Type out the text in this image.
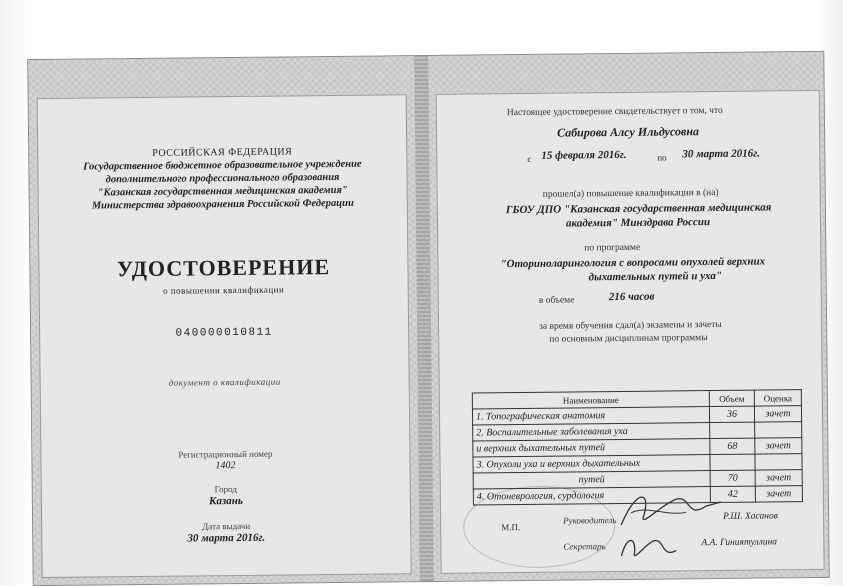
РОССИЙСКАЯ ФЕДЕРАЦИЯ
Государственное бюджетное образовательное учреждение
дополнительного профессионального образования
"Казанская государственная медицинская академия"
Министерства здравоохранения Российской Федерации
УДОСТОВЕРЕНИЕ
о повышении квалификации
040000010811
документ о квалификации
Регистрационный номер
1402
Город
Казань
Дата выдачи
30 марта 2016г.
Настоящее удостоверение свидетельствует о том, что
Сабирова Алсу Ильдусовна
с 15 февраля 2016г.	по 30 марта 2016г.
прошел(а) повышение квалификации в (на)
ГБОУ ДПО "Казанская государственная медицинская
академия" Минздрава России
по программе
"Оториноларингология с вопросами опухолей верхних
дыхательных путей и уха"
в объеме	216 часов
за время обучения сдал(а) экзамены и зачеты
по основным дисциплинам программы
Наименование	Объем	Оценка
1. Топографическая анатомия	36	зачет
2. Воспалительные заболевания уха		
и верхних дыхательных путей	68	зачет
3. Опухоли уха и верхних дыхательных		
путей	70	зачет
4. Отоневрология, сурдология	42	зачет
М.П.
Руководитель	Р.Ш. Хасанов
Секретарь	А.А. Гиниятуллина
